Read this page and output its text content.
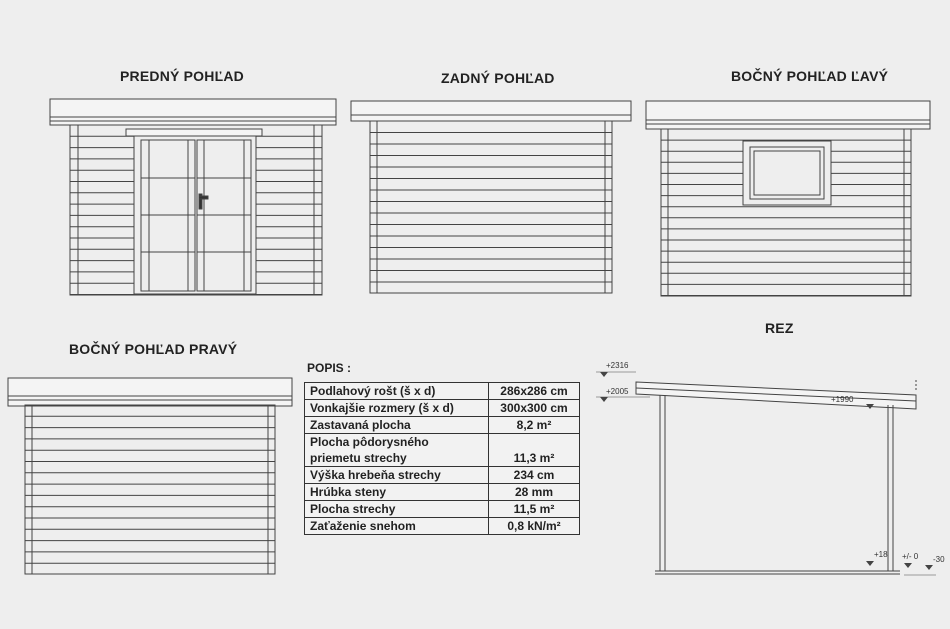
PREDNÝ POHĽAD	ZADNÝ POHĽAD	BOČNÝ POHĽAD ĽAVÝ
BOČNÝ POHĽAD PRAVÝ
REZ
+2316
+2005
+1990
+18 +/- 0 -30
POPIS :
Podlahový rošt (š x d)	286x286 cm
Vonkajšie rozmery (š x d)	300x300 cm
Zastavaná plocha	8,2 m²
Plocha pôdorysného
priemetu strechy	11,3 m²
Výška hrebeňa strechy	234 cm
Hrúbka steny	28 mm
Plocha strechy	11,5 m²
Zaťaženie snehom	0,8 kN/m²
